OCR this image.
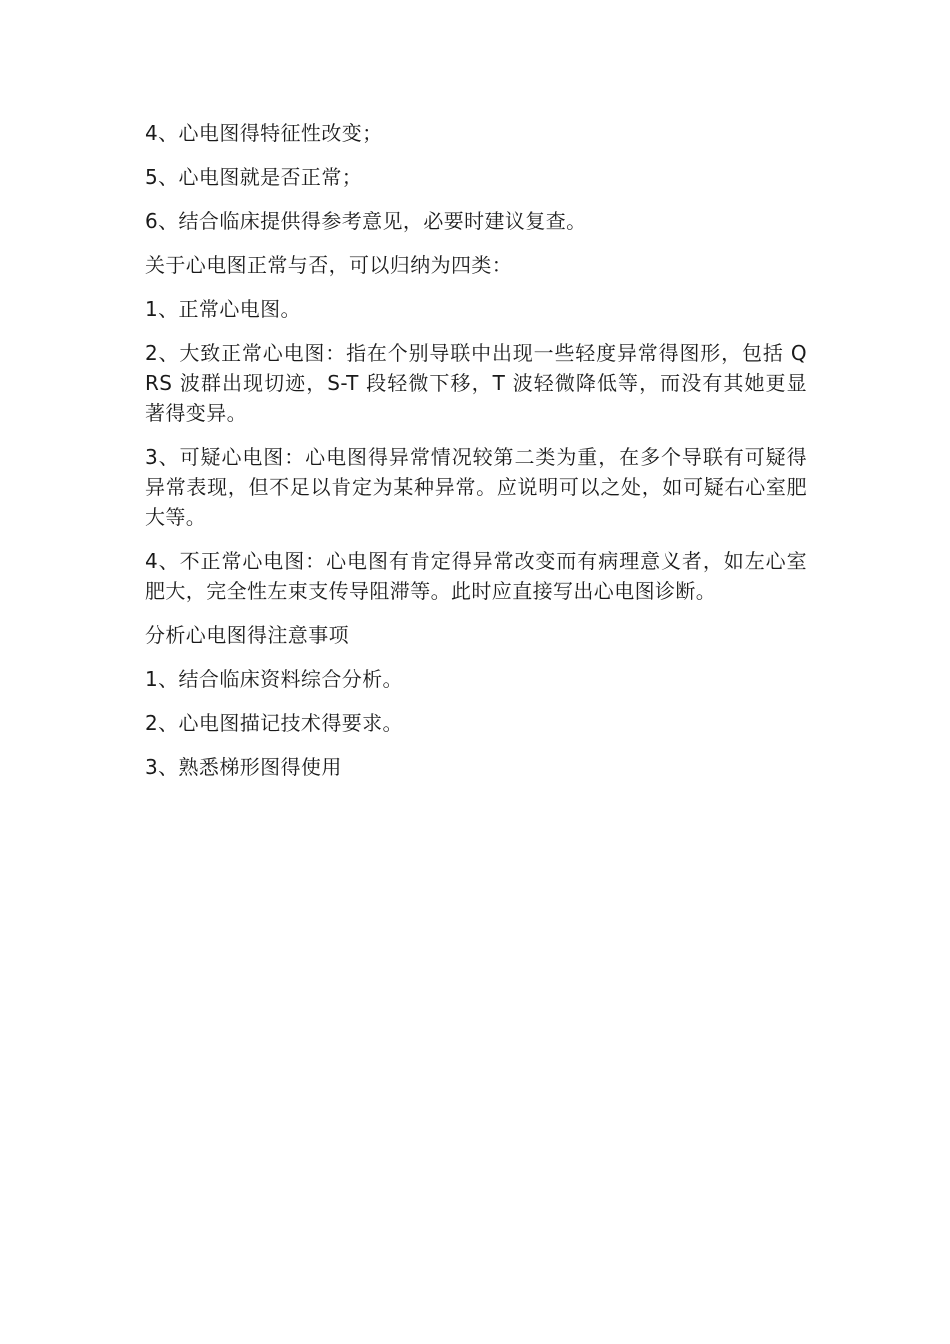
4、心电图得特征性改变；

5、心电图就是否正常；

6、结合临床提供得参考意见，必要时建议复查。

关于心电图正常与否，可以归纳为四类：

1、正常心电图。

2、大致正常心电图：指在个别导联中出现一些轻度异常得图形，包括 QRS 波群出现切迹，S-T 段轻微下移，T 波轻微降低等，而没有其她更显著得变异。

3、可疑心电图：心电图得异常情况较第二类为重，在多个导联有可疑得异常表现，但不足以肯定为某种异常。应说明可以之处，如可疑右心室肥大等。

4、不正常心电图：心电图有肯定得异常改变而有病理意义者，如左心室肥大，完全性左束支传导阻滞等。此时应直接写出心电图诊断。

分析心电图得注意事项

1、结合临床资料综合分析。

2、心电图描记技术得要求。

3、熟悉梯形图得使用
